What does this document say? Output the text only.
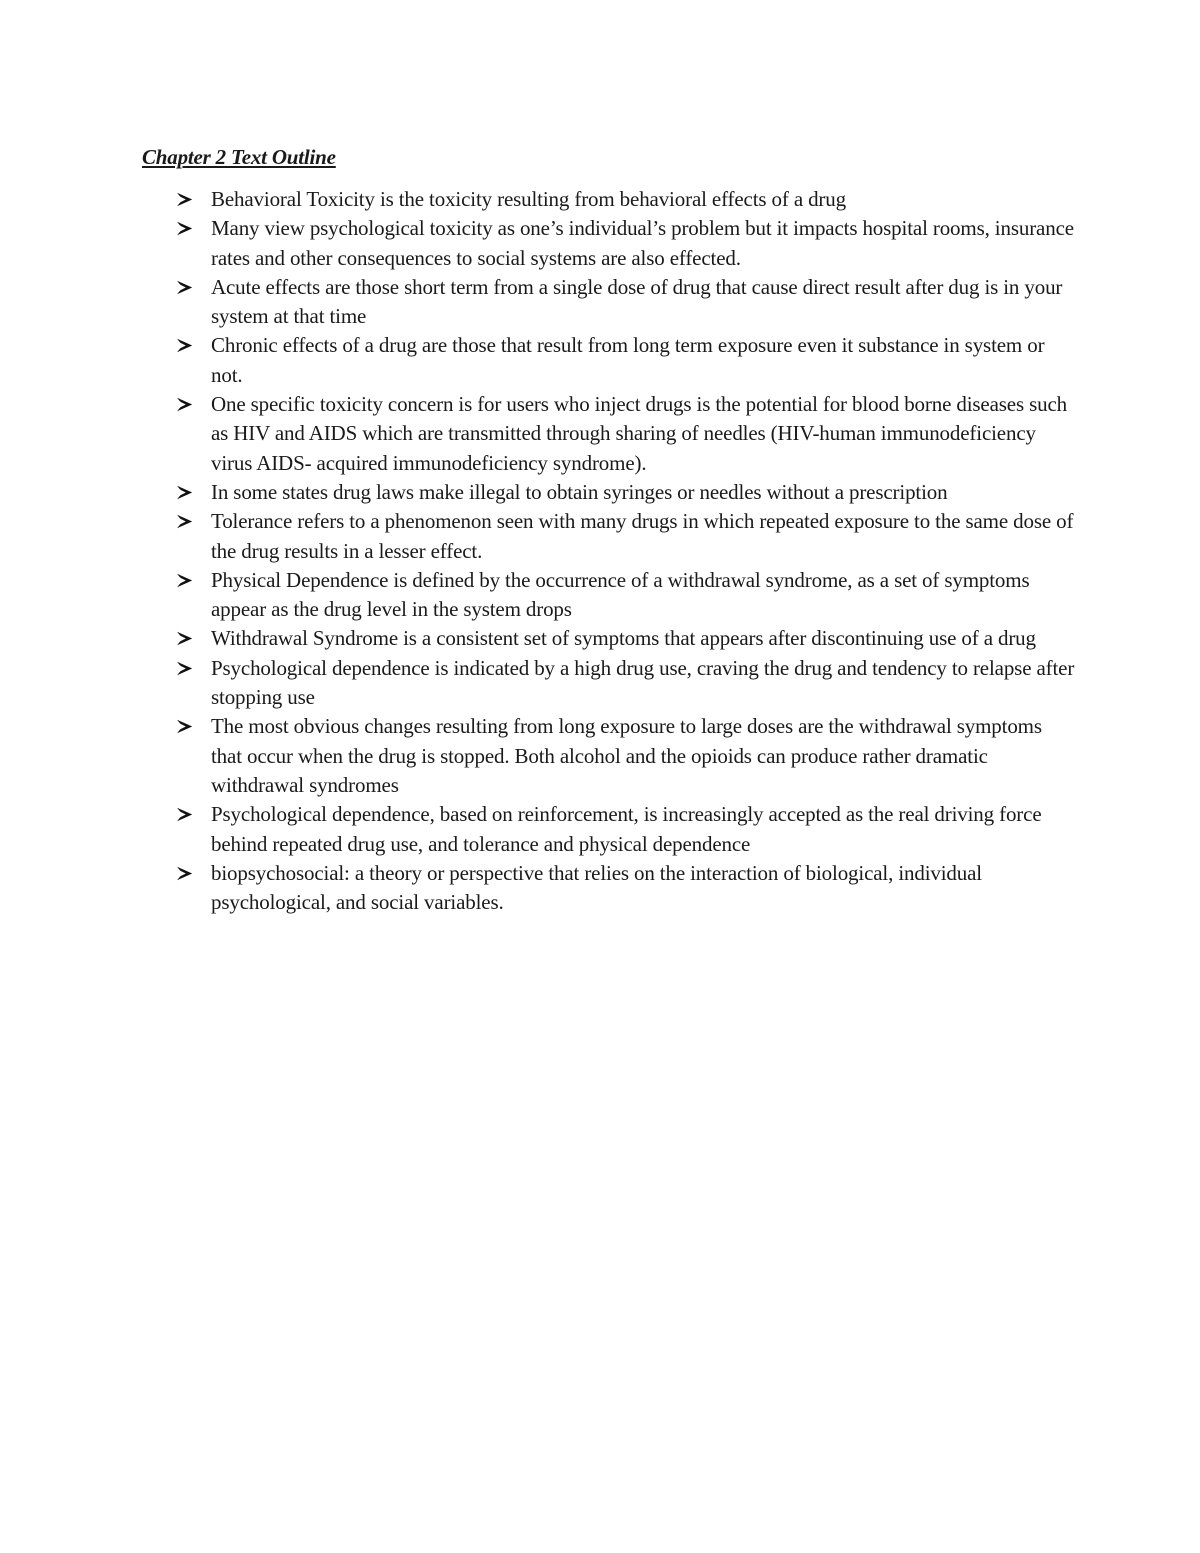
Chapter 2 Text Outline
Behavioral Toxicity is the toxicity resulting from behavioral effects of a drug
Many view psychological toxicity as one’s individual’s problem but it impacts hospital rooms, insurance rates and other consequences to social systems are also effected.
Acute effects are those short term from a single dose of drug that cause direct result after dug is in your system at that time
Chronic effects of a drug are those that result from long term exposure even it substance in system or not.
One specific toxicity concern is for users who inject drugs is the potential for blood borne diseases such as HIV and AIDS which are transmitted through sharing of needles (HIV-human immunodeficiency virus AIDS- acquired immunodeficiency syndrome).
In some states drug laws make illegal to obtain syringes or needles without a prescription
Tolerance refers to a phenomenon seen with many drugs in which repeated exposure to the same dose of the drug results in a lesser effect.
Physical Dependence is defined by the occurrence of a withdrawal syndrome, as a set of symptoms appear as the drug level in the system drops
Withdrawal Syndrome is a consistent set of symptoms that appears after discontinuing use of a drug
Psychological dependence is indicated by a high drug use, craving the drug and tendency to relapse after stopping use
The most obvious changes resulting from long exposure to large doses are the withdrawal symptoms that occur when the drug is stopped. Both alcohol and the opioids can produce rather dramatic withdrawal syndromes
Psychological dependence, based on reinforcement, is increasingly accepted as the real driving force behind repeated drug use, and tolerance and physical dependence
biopsychosocial: a theory or perspective that relies on the interaction of biological, individual psychological, and social variables.
